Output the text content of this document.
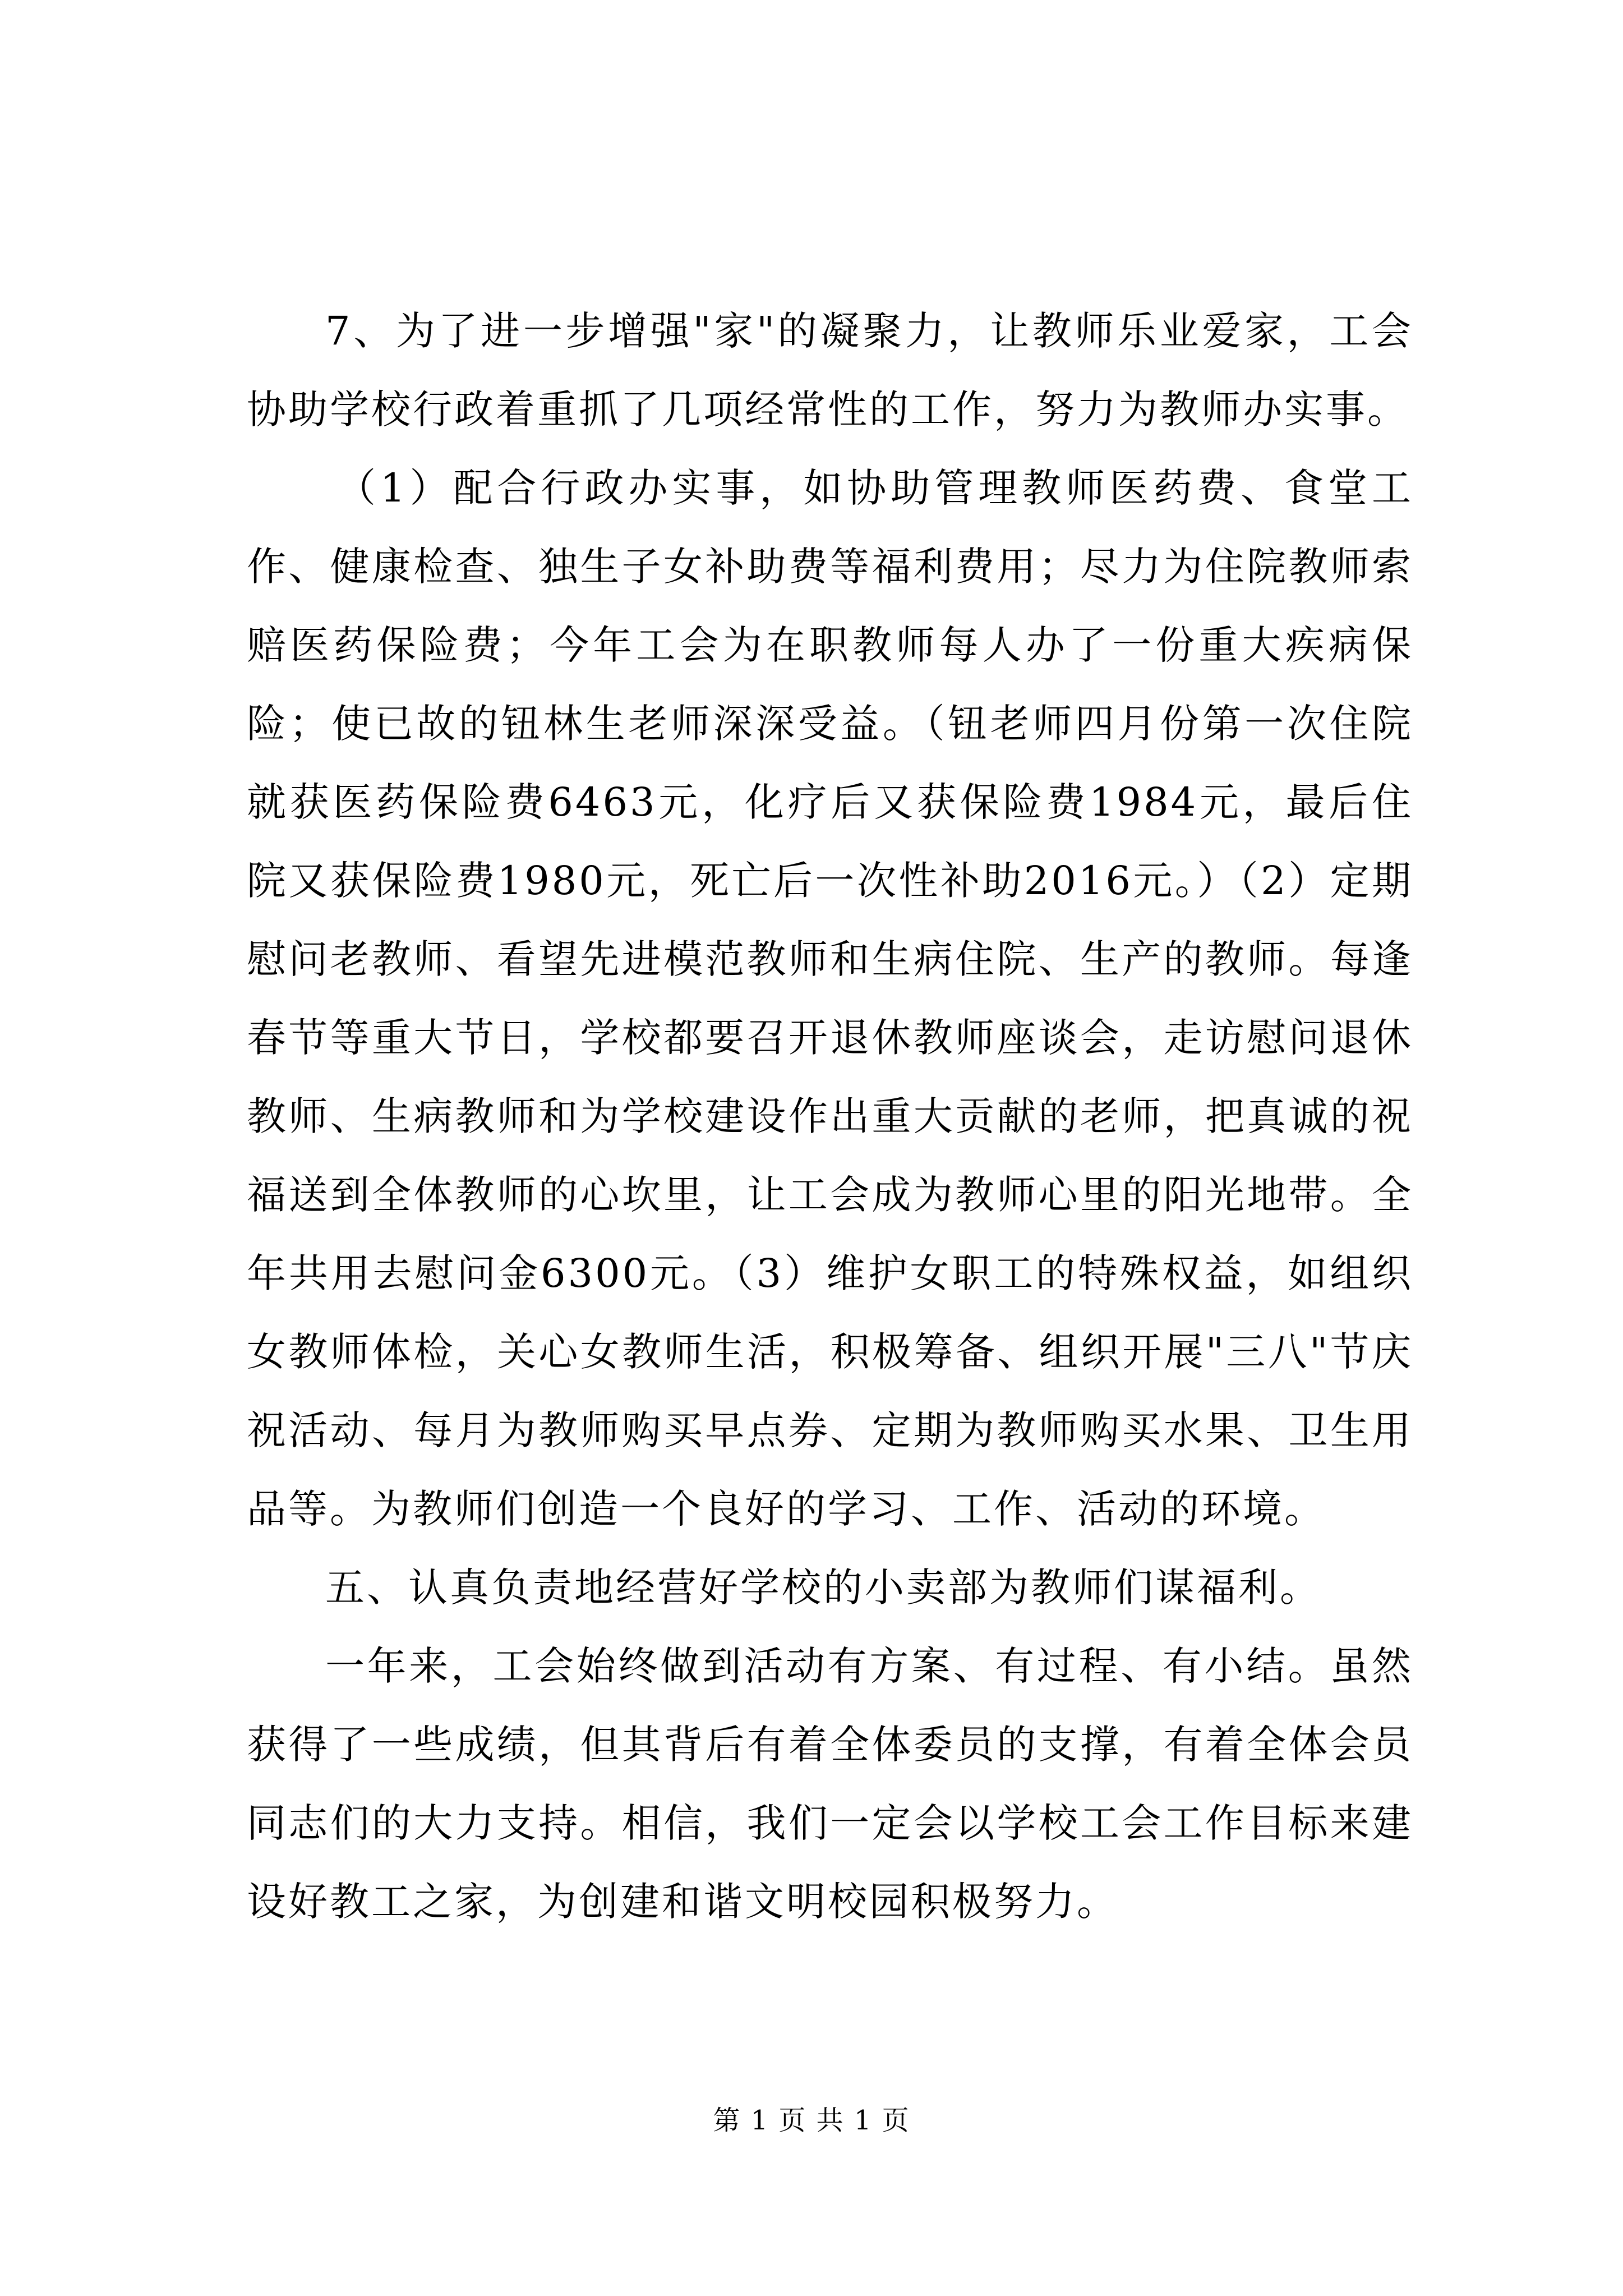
7、为了进一步增强"家"的凝聚力，让教师乐业爱家，工会协助学校行政着重抓了几项经常性的工作，努力为教师办实事。

（1）配合行政办实事，如协助管理教师医药费、食堂工作、健康检查、独生子女补助费等福利费用；尽力为住院教师索赔医药保险费；今年工会为在职教师每人办了一份重大疾病保险；使已故的钮林生老师深深受益。（钮老师四月份第一次住院就获医药保险费6463元，化疗后又获保险费1984元，最后住院又获保险费1980元，死亡后一次性补助2016元。）（2）定期慰问老教师、看望先进模范教师和生病住院、生产的教师。每逢春节等重大节日，学校都要召开退休教师座谈会，走访慰问退休教师、生病教师和为学校建设作出重大贡献的老师，把真诚的祝福送到全体教师的心坎里，让工会成为教师心里的阳光地带。全年共用去慰问金6300元。（3）维护女职工的特殊权益，如组织女教师体检，关心女教师生活，积极筹备、组织开展"三八"节庆祝活动、每月为教师购买早点券、定期为教师购买水果、卫生用品等。为教师们创造一个良好的学习、工作、活动的环境。

五、认真负责地经营好学校的小卖部为教师们谋福利。

一年来，工会始终做到活动有方案、有过程、有小结。虽然获得了一些成绩，但其背后有着全体委员的支撑，有着全体会员同志们的大力支持。相信，我们一定会以学校工会工作目标来建设好教工之家，为创建和谐文明校园积极努力。

第 1 页 共 1 页
